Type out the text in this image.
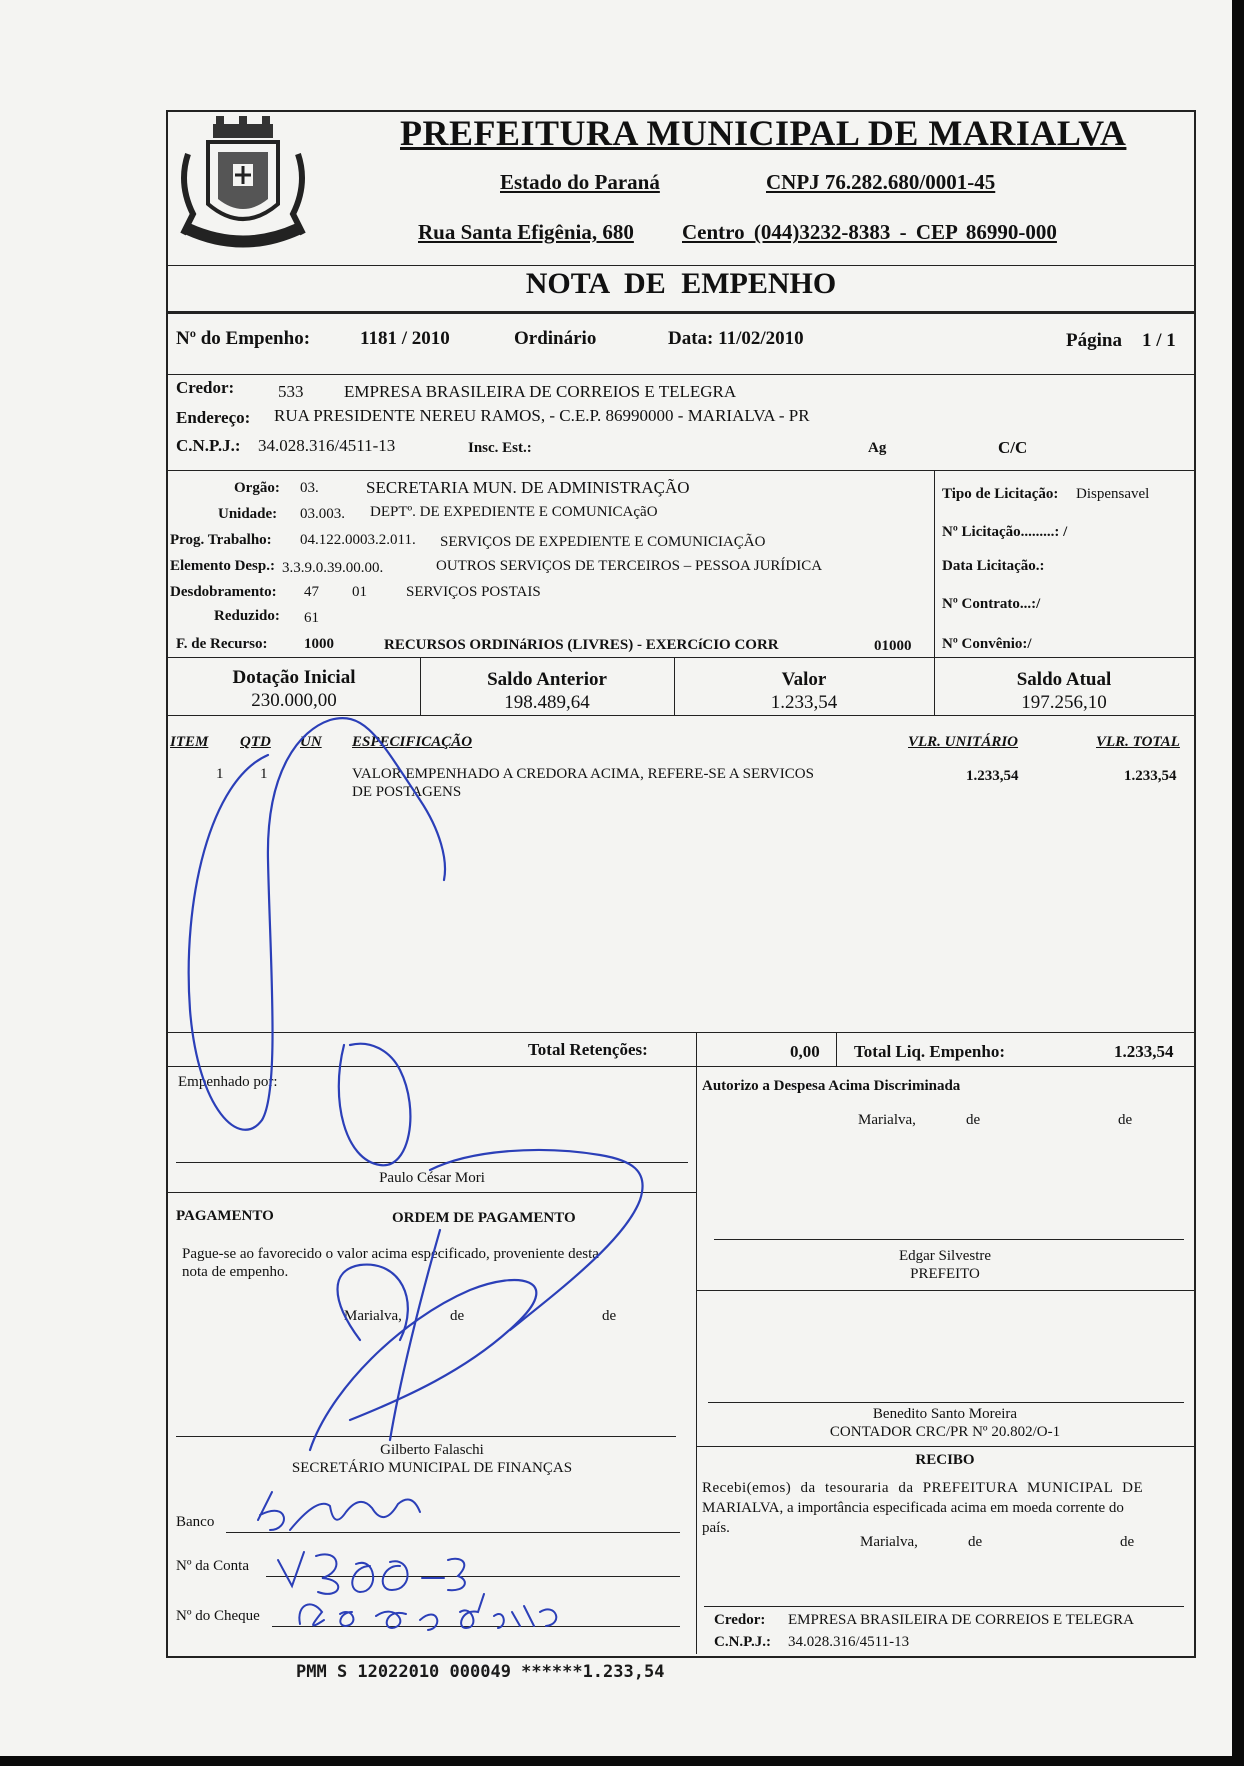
PREFEITURA MUNICIPAL DE MARIALVA
Estado do Paraná	CNPJ 76.282.680/0001-45
Rua Santa Efigênia, 680 Centro (044)3232-8383 - CEP 86990-000
NOTA DE EMPENHO
Nº do Empenho:	1181 / 2010	Ordinário	Data: 11/02/2010	Página 1 / 1
Credor:	533 EMPRESA BRASILEIRA DE CORREIOS E TELEGRA
Endereço: RUA PRESIDENTE NEREU RAMOS, - C.E.P. 86990000 - MARIALVA - PR
C.N.P.J.: 34.028.316/4511-13	Insc. Est.:	Ag	C/C
Orgão: 03.	SECRETARIA MUN. DE ADMINISTRAÇÃO
Unidade: 03.003. DEPTº. DE EXPEDIENTE E COMUNICAçãO
Prog. Trabalho: 04.122.0003.2.011. SERVIÇOS DE EXPEDIENTE E COMUNICIAÇÃO
Elemento Desp.: 3.3.9.0.39.00.00.	OUTROS SERVIÇOS DE TERCEIROS – PESSOA JURÍDICA
Desdobramento: 47 01	SERVIÇOS POSTAIS
Reduzido: 61
F. de Recurso: 1000	RECURSOS ORDINáRIOS (LIVRES) - EXERCíCIO CORR	01000
Tipo de Licitação: Dispensavel
Nº Licitação.........: /
Data Licitação.:
Nº Contrato...:/
Nº Convênio:/
Dotação Inicial
230.000,00
Saldo Anterior
198.489,64
Valor
1.233,54
Saldo Atual
197.256,10
ITEM QTD UN ESPECIFICAÇÃO	VLR. UNITÁRIO	VLR. TOTAL
1 1	VALOR EMPENHADO A CREDORA ACIMA, REFERE-SE A SERVICOS
DE POSTAGENS
1.233,54	1.233,54
Total Retenções:	0,00 Total Liq. Empenho:	1.233,54
Empenhado por:
Paulo César Mori
PAGAMENTO	ORDEM DE PAGAMENTO
Pague-se ao favorecido o valor acima especificado, proveniente desta
nota de empenho.
Marialva,	de	de
Gilberto Falaschi
SECRETÁRIO MUNICIPAL DE FINANÇAS
Banco
Nº da Conta
Nº do Cheque
Autorizo a Despesa Acima Discriminada
Marialva,	de	de
Edgar Silvestre
PREFEITO
Benedito Santo Moreira
CONTADOR CRC/PR Nº 20.802/O-1
RECIBO
Recebi(emos) da tesouraria da PREFEITURA MUNICIPAL DE
MARIALVA, a importância especificada acima em moeda corrente do
país.
Marialva,	de	de
Credor: EMPRESA BRASILEIRA DE CORREIOS E TELEGRA
C.N.P.J.: 34.028.316/4511-13
PMM S 12022010 000049 ******1.233,54
